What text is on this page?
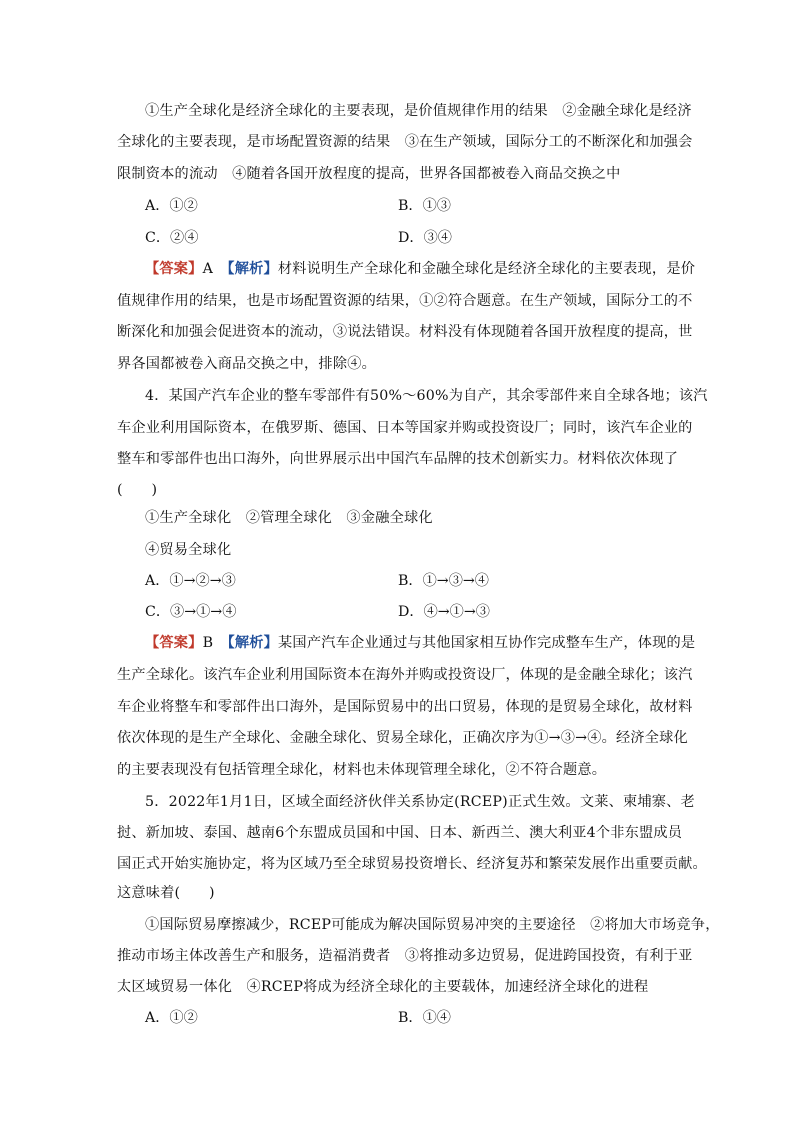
①生产全球化是经济全球化的主要表现，是价值规律作用的结果　②金融全球化是经济
全球化的主要表现，是市场配置资源的结果　③在生产领域，国际分工的不断深化和加强会
限制资本的流动　④随着各国开放程度的提高，世界各国都被卷入商品交换之中
A．①②	B．①③
C．②④	D．③④
【答案】A　 【解析】材料说明生产全球化和金融全球化是经济全球化的主要表现，是价
值规律作用的结果，也是市场配置资源的结果，①②符合题意。在生产领域，国际分工的不
断深化和加强会促进资本的流动，③说法错误。材料没有体现随着各国开放程度的提高，世
界各国都被卷入商品交换之中，排除④。
4．某国产汽车企业的整车零部件有50%～60%为自产，其余零部件来自全球各地；该汽
车企业利用国际资本，在俄罗斯、德国、日本等国家并购或投资设厂；同时，该汽车企业的
整车和零部件也出口海外，向世界展示出中国汽车品牌的技术创新实力。材料依次体现了
(　　)
①生产全球化　②管理全球化　③金融全球化
④贸易全球化
A．①→②→③	B．①→③→④
C．③→①→④	D．④→①→③
【答案】B　 【解析】某国产汽车企业通过与其他国家相互协作完成整车生产，体现的是
生产全球化。该汽车企业利用国际资本在海外并购或投资设厂，体现的是金融全球化；该汽
车企业将整车和零部件出口海外，是国际贸易中的出口贸易，体现的是贸易全球化，故材料
依次体现的是生产全球化、金融全球化、贸易全球化，正确次序为①→③→④。经济全球化
的主要表现没有包括管理全球化，材料也未体现管理全球化，②不符合题意。
5．2022年1月1日，区域全面经济伙伴关系协定(RCEP)正式生效。文莱、柬埔寨、老
挝、新加坡、泰国、越南6个东盟成员国和中国、日本、新西兰、澳大利亚4个非东盟成员
国正式开始实施协定，将为区域乃至全球贸易投资增长、经济复苏和繁荣发展作出重要贡献。
这意味着(　　)
①国际贸易摩擦减少，RCEP可能成为解决国际贸易冲突的主要途径　②将加大市场竞争，
推动市场主体改善生产和服务，造福消费者　③将推动多边贸易，促进跨国投资，有利于亚
太区域贸易一体化　④RCEP将成为经济全球化的主要载体，加速经济全球化的进程
A．①②	B．①④
